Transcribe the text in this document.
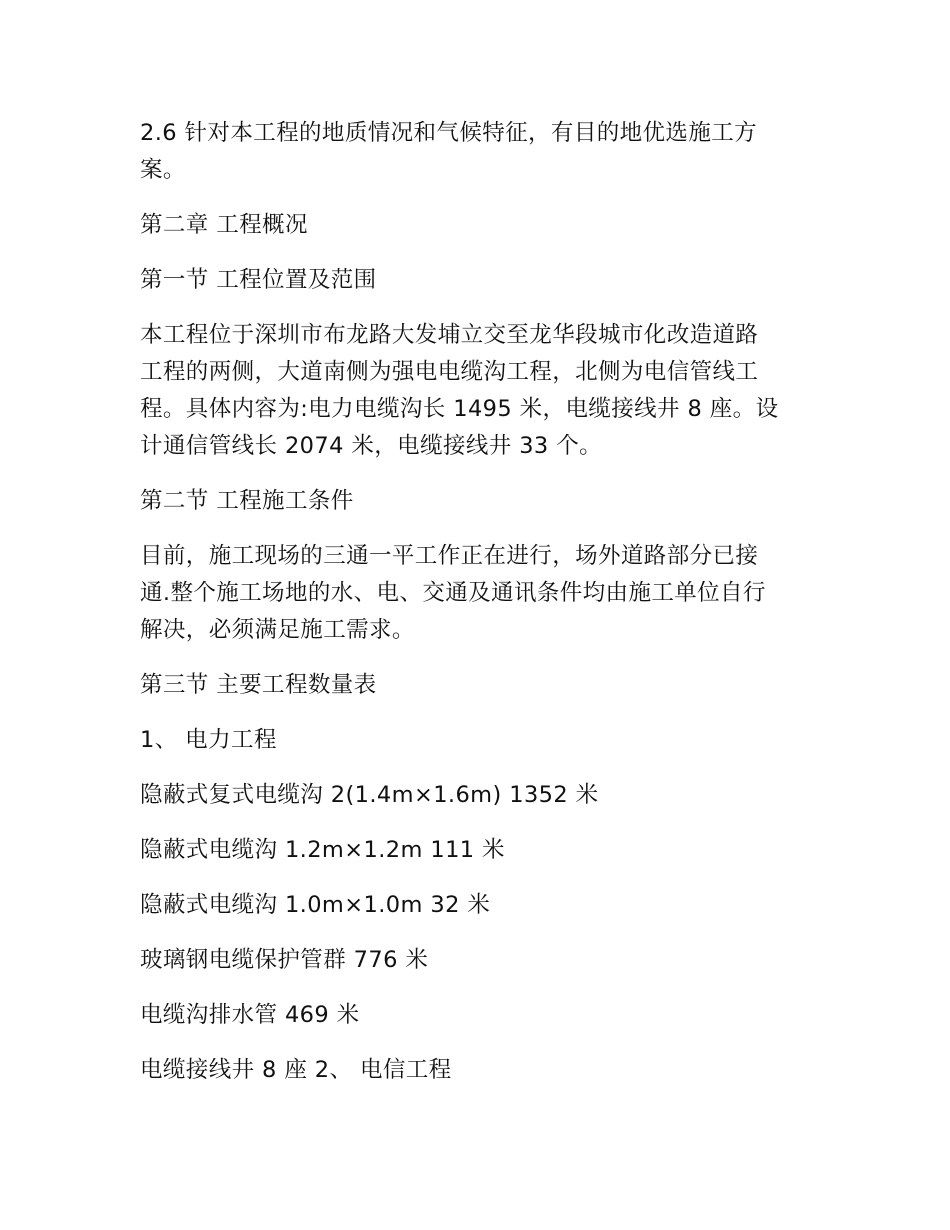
2.6 针对本工程的地质情况和气候特征，有目的地优选施工方
案。

第二章 工程概况

第一节 工程位置及范围

本工程位于深圳市布龙路大发埔立交至龙华段城市化改造道路
工程的两侧，大道南侧为强电电缆沟工程，北侧为电信管线工
程。具体内容为:电力电缆沟长 1495 米，电缆接线井 8 座。设
计通信管线长 2074 米，电缆接线井 33 个。

第二节 工程施工条件

目前，施工现场的三通一平工作正在进行，场外道路部分已接
通.整个施工场地的水、电、交通及通讯条件均由施工单位自行
解决，必须满足施工需求。

第三节 主要工程数量表

1、 电力工程

隐蔽式复式电缆沟 2(1.4m×1.6m) 1352 米

隐蔽式电缆沟 1.2m×1.2m 111 米

隐蔽式电缆沟 1.0m×1.0m 32 米

玻璃钢电缆保护管群 776 米

电缆沟排水管 469 米

电缆接线井 8 座 2、 电信工程
